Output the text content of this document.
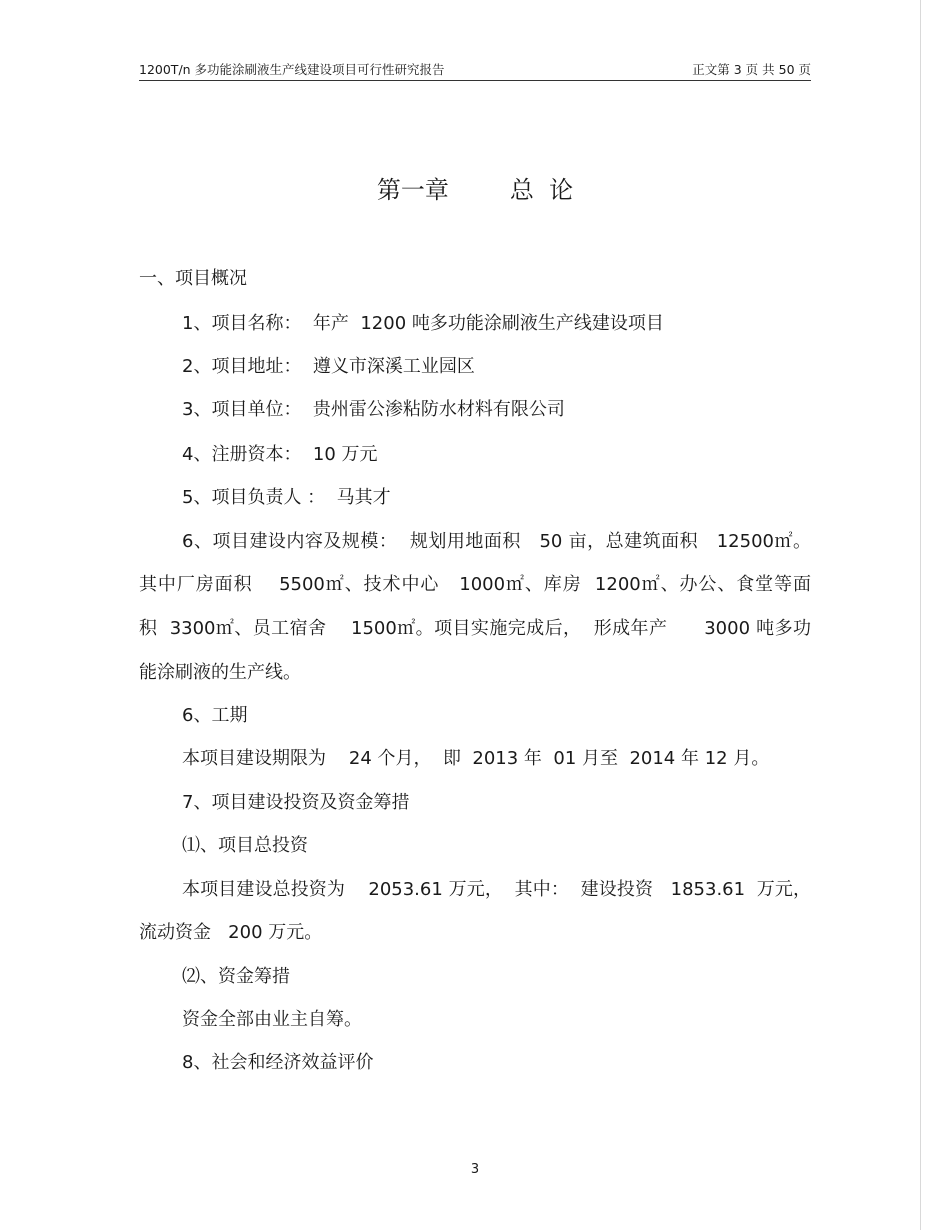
1200T/n 多功能涂刷液生产线建设项目可行性研究报告	正文第 3 页 共 50 页
第一章        总  论
一、项目概况
1、项目名称：  年产  1200 吨多功能涂刷液生产线建设项目
2、项目地址：  遵义市深溪工业园区
3、项目单位：  贵州雷公渗粘防水材料有限公司
4、注册资本：  10 万元
5、项目负责人 ：  马其才
6、项目建设内容及规模：  规划用地面积   50 亩，总建筑面积   12500㎡。
其中厂房面积    5500㎡、技术中心   1000㎡、库房  1200㎡、办公、食堂等面
积  3300㎡、员工宿舍    1500㎡。项目实施完成后，  形成年产      3000 吨多功
能涂刷液的生产线。
6、工期
本项目建设期限为    24 个月，  即  2013 年  01 月至  2014 年 12 月。
7、项目建设投资及资金筹措
⑴、项目总投资
本项目建设总投资为    2053.61 万元，  其中：  建设投资   1853.61  万元，
流动资金   200 万元。
⑵、资金筹措
资金全部由业主自筹。
8、社会和经济效益评价
3
